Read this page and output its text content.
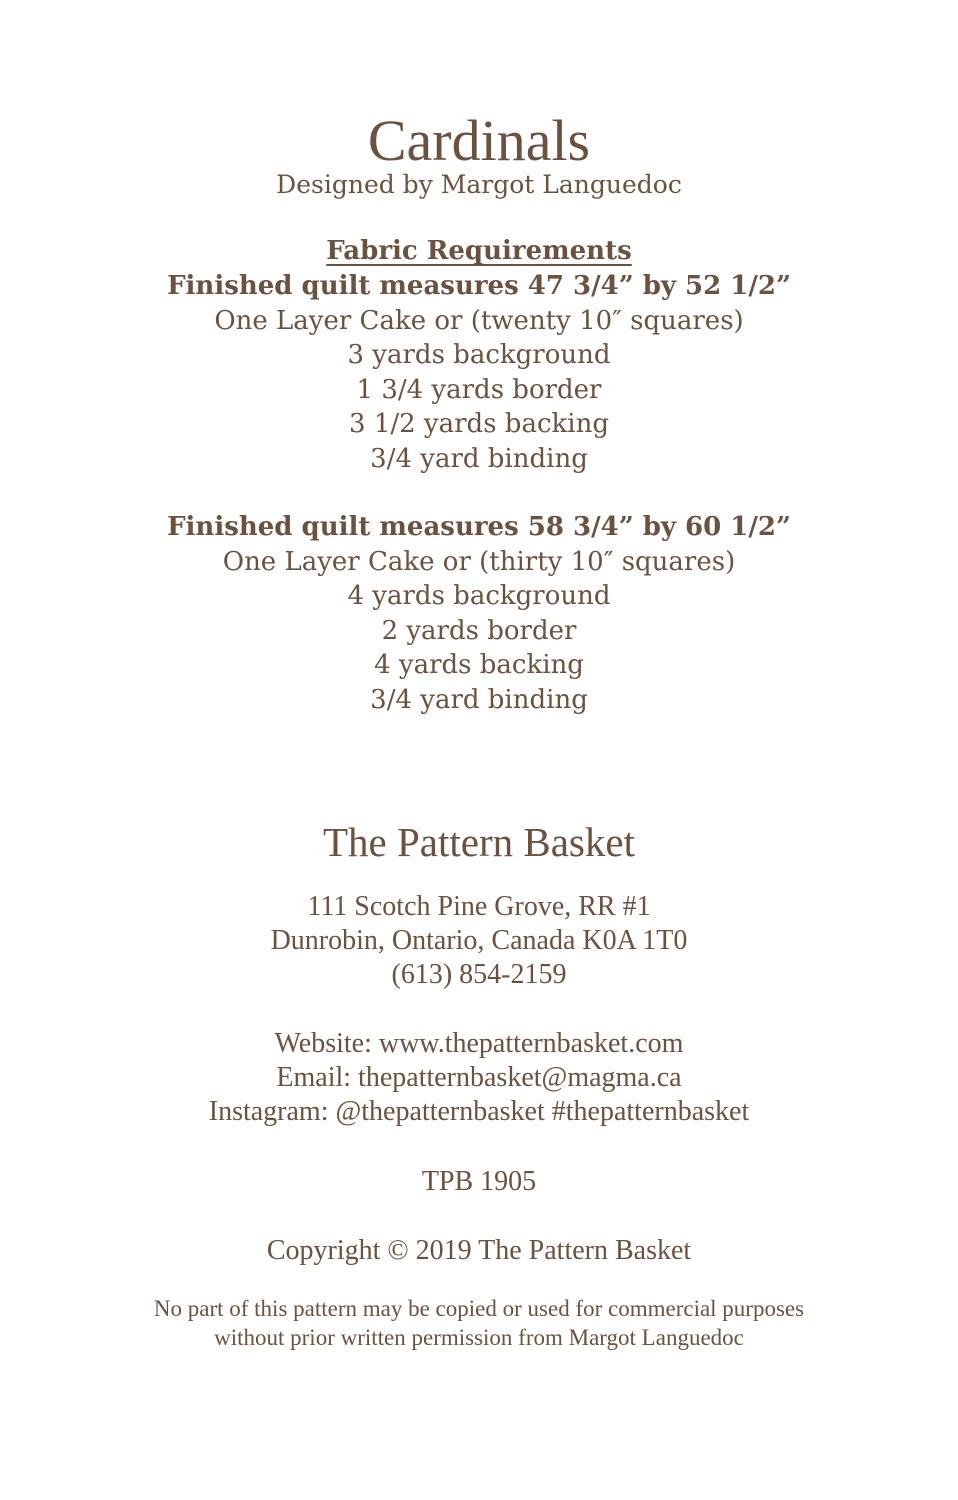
Cardinals
Designed by Margot Languedoc
Fabric Requirements
Finished quilt measures 47 3/4” by 52 1/2”
One Layer Cake or (twenty 10″ squares)
3 yards background
1 3/4 yards border
3 1/2 yards backing
3/4 yard binding
Finished quilt measures 58 3/4” by 60 1/2”
One Layer Cake or (thirty 10″ squares)
4 yards background
2 yards border
4 yards backing
3/4 yard binding
The Pattern Basket
111 Scotch Pine Grove, RR #1
Dunrobin, Ontario, Canada K0A 1T0
(613) 854-2159
Website: www.thepatternbasket.com
Email: thepatternbasket@magma.ca
Instagram: @thepatternbasket #thepatternbasket
TPB 1905
Copyright © 2019 The Pattern Basket
No part of this pattern may be copied or used for commercial purposes
without prior written permission from Margot Languedoc
